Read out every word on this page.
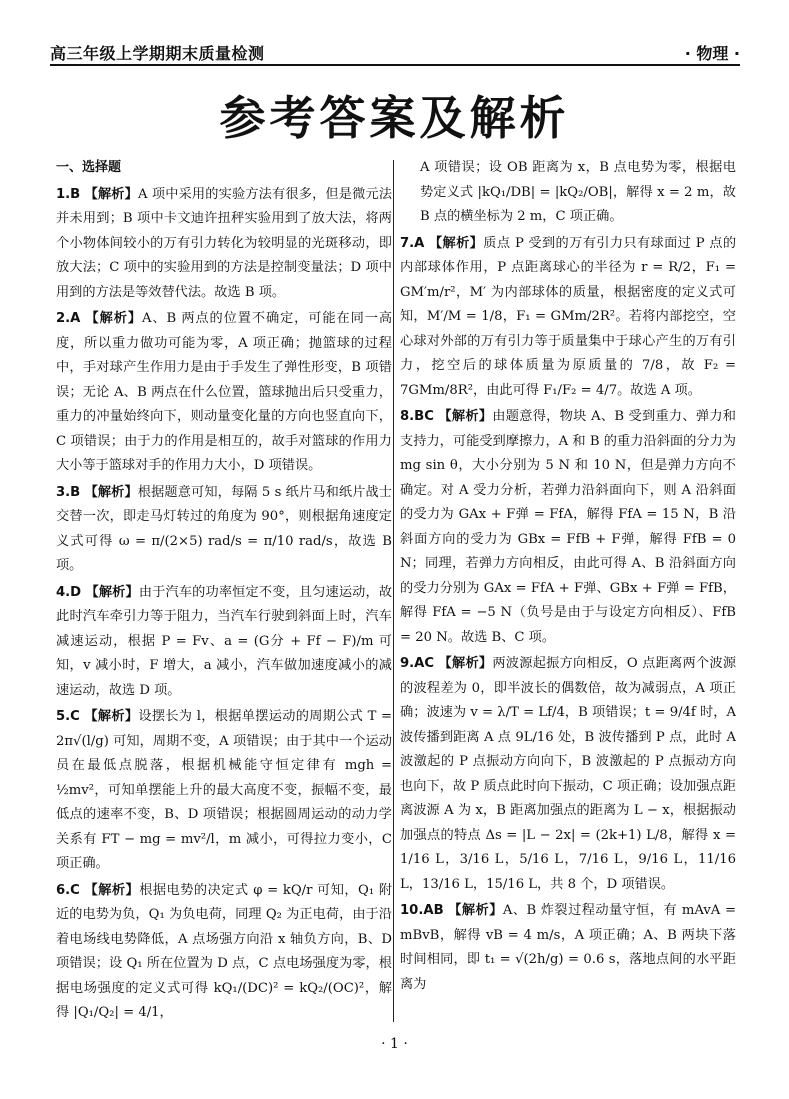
高三年级上学期期末质量检测	· 物理 ·
参考答案及解析

一、选择题

1.B 【解析】A 项中采用的实验方法有很多，但是微元法并未用到；B 项中卡文迪许扭秤实验用到了放大法，将两个小物体间较小的万有引力转化为较明显的光斑移动，即放大法；C 项中的实验用到的方法是控制变量法；D 项中用到的方法是等效替代法。故选 B 项。

2.A 【解析】A、B 两点的位置不确定，可能在同一高度，所以重力做功可能为零，A 项正确；抛篮球的过程中，手对球产生作用力是由于手发生了弹性形变，B 项错误；无论 A、B 两点在什么位置，篮球抛出后只受重力，重力的冲量始终向下，则动量变化量的方向也竖直向下，C 项错误；由于力的作用是相互的，故手对篮球的作用力大小等于篮球对手的作用力大小，D 项错误。

3.B 【解析】根据题意可知，每隔 5 s 纸片马和纸片战士交替一次，即走马灯转过的角度为 90°，则根据角速度定义式可得 ω = π/(2×5) rad/s = π/10 rad/s，故选 B 项。

4.D 【解析】由于汽车的功率恒定不变，且匀速运动，故此时汽车牵引力等于阻力，当汽车行驶到斜面上时，汽车减速运动，根据 P = Fv、a = (G分 + Ff − F)/m 可知，v 减小时，F 增大，a 减小，汽车做加速度减小的减速运动，故选 D 项。

5.C 【解析】设摆长为 l，根据单摆运动的周期公式 T = 2π√(l/g) 可知，周期不变，A 项错误；由于其中一个运动员在最低点脱落，根据机械能守恒定律有 mgh = ½mv²，可知单摆能上升的最大高度不变，振幅不变，最低点的速率不变，B、D 项错误；根据圆周运动的动力学关系有 FT − mg = mv²/l，m 减小，可得拉力变小，C 项正确。

6.C 【解析】根据电势的决定式 φ = kQ/r 可知，Q₁ 附近的电势为负，Q₁ 为负电荷，同理 Q₂ 为正电荷，由于沿着电场线电势降低，A 点场强方向沿 x 轴负方向，B、D 项错误；设 Q₁ 所在位置为 D 点，C 点电场强度为零，根据电场强度的定义式可得 kQ₁/(DC)² = kQ₂/(OC)²，解得 |Q₁/Q₂| = 4/1，

A 项错误；设 OB 距离为 x，B 点电势为零，根据电势定义式 |kQ₁/DB| = |kQ₂/OB|，解得 x = 2 m，故 B 点的横坐标为 2 m，C 项正确。

7.A 【解析】质点 P 受到的万有引力只有球面过 P 点的内部球体作用，P 点距离球心的半径为 r = R/2，F₁ = GM′m/r²，M′ 为内部球体的质量，根据密度的定义式可知，M′/M = 1/8，F₁ = GMm/2R²。若将内部挖空，空心球对外部的万有引力等于质量集中于球心产生的万有引力，挖空后的球体质量为原质量的 7/8，故 F₂ = 7GMm/8R²，由此可得 F₁/F₂ = 4/7。故选 A 项。

8.BC 【解析】由题意得，物块 A、B 受到重力、弹力和支持力，可能受到摩擦力，A 和 B 的重力沿斜面的分力为 mg sin θ，大小分别为 5 N 和 10 N，但是弹力方向不确定。对 A 受力分析，若弹力沿斜面向下，则 A 沿斜面的受力为 GAx + F弹 = FfA，解得 FfA = 15 N，B 沿斜面方向的受力为 GBx = FfB + F弹，解得 FfB = 0 N；同理，若弹力方向相反，由此可得 A、B 沿斜面方向的受力分别为 GAx = FfA + F弹、GBx + F弹 = FfB，解得 FfA = −5 N（负号是由于与设定方向相反）、FfB = 20 N。故选 B、C 项。

9.AC 【解析】两波源起振方向相反，O 点距离两个波源的波程差为 0，即半波长的偶数倍，故为减弱点，A 项正确；波速为 v = λ/T = Lf/4，B 项错误；t = 9/4f 时，A 波传播到距离 A 点 9L/16 处，B 波传播到 P 点，此时 A 波激起的 P 点振动方向向下，B 波激起的 P 点振动方向也向下，故 P 质点此时向下振动，C 项正确；设加强点距离波源 A 为 x，B 距离加强点的距离为 L − x，根据振动加强点的特点 Δs = |L − 2x| = (2k+1) L/8，解得 x = 1/16 L，3/16 L，5/16 L，7/16 L，9/16 L，11/16 L，13/16 L，15/16 L，共 8 个，D 项错误。

10.AB 【解析】A、B 炸裂过程动量守恒，有 mAvA = mBvB，解得 vB = 4 m/s，A 项正确；A、B 两块下落时间相同，即 t₁ = √(2h/g) = 0.6 s，落地点间的水平距离为

· 1 ·
